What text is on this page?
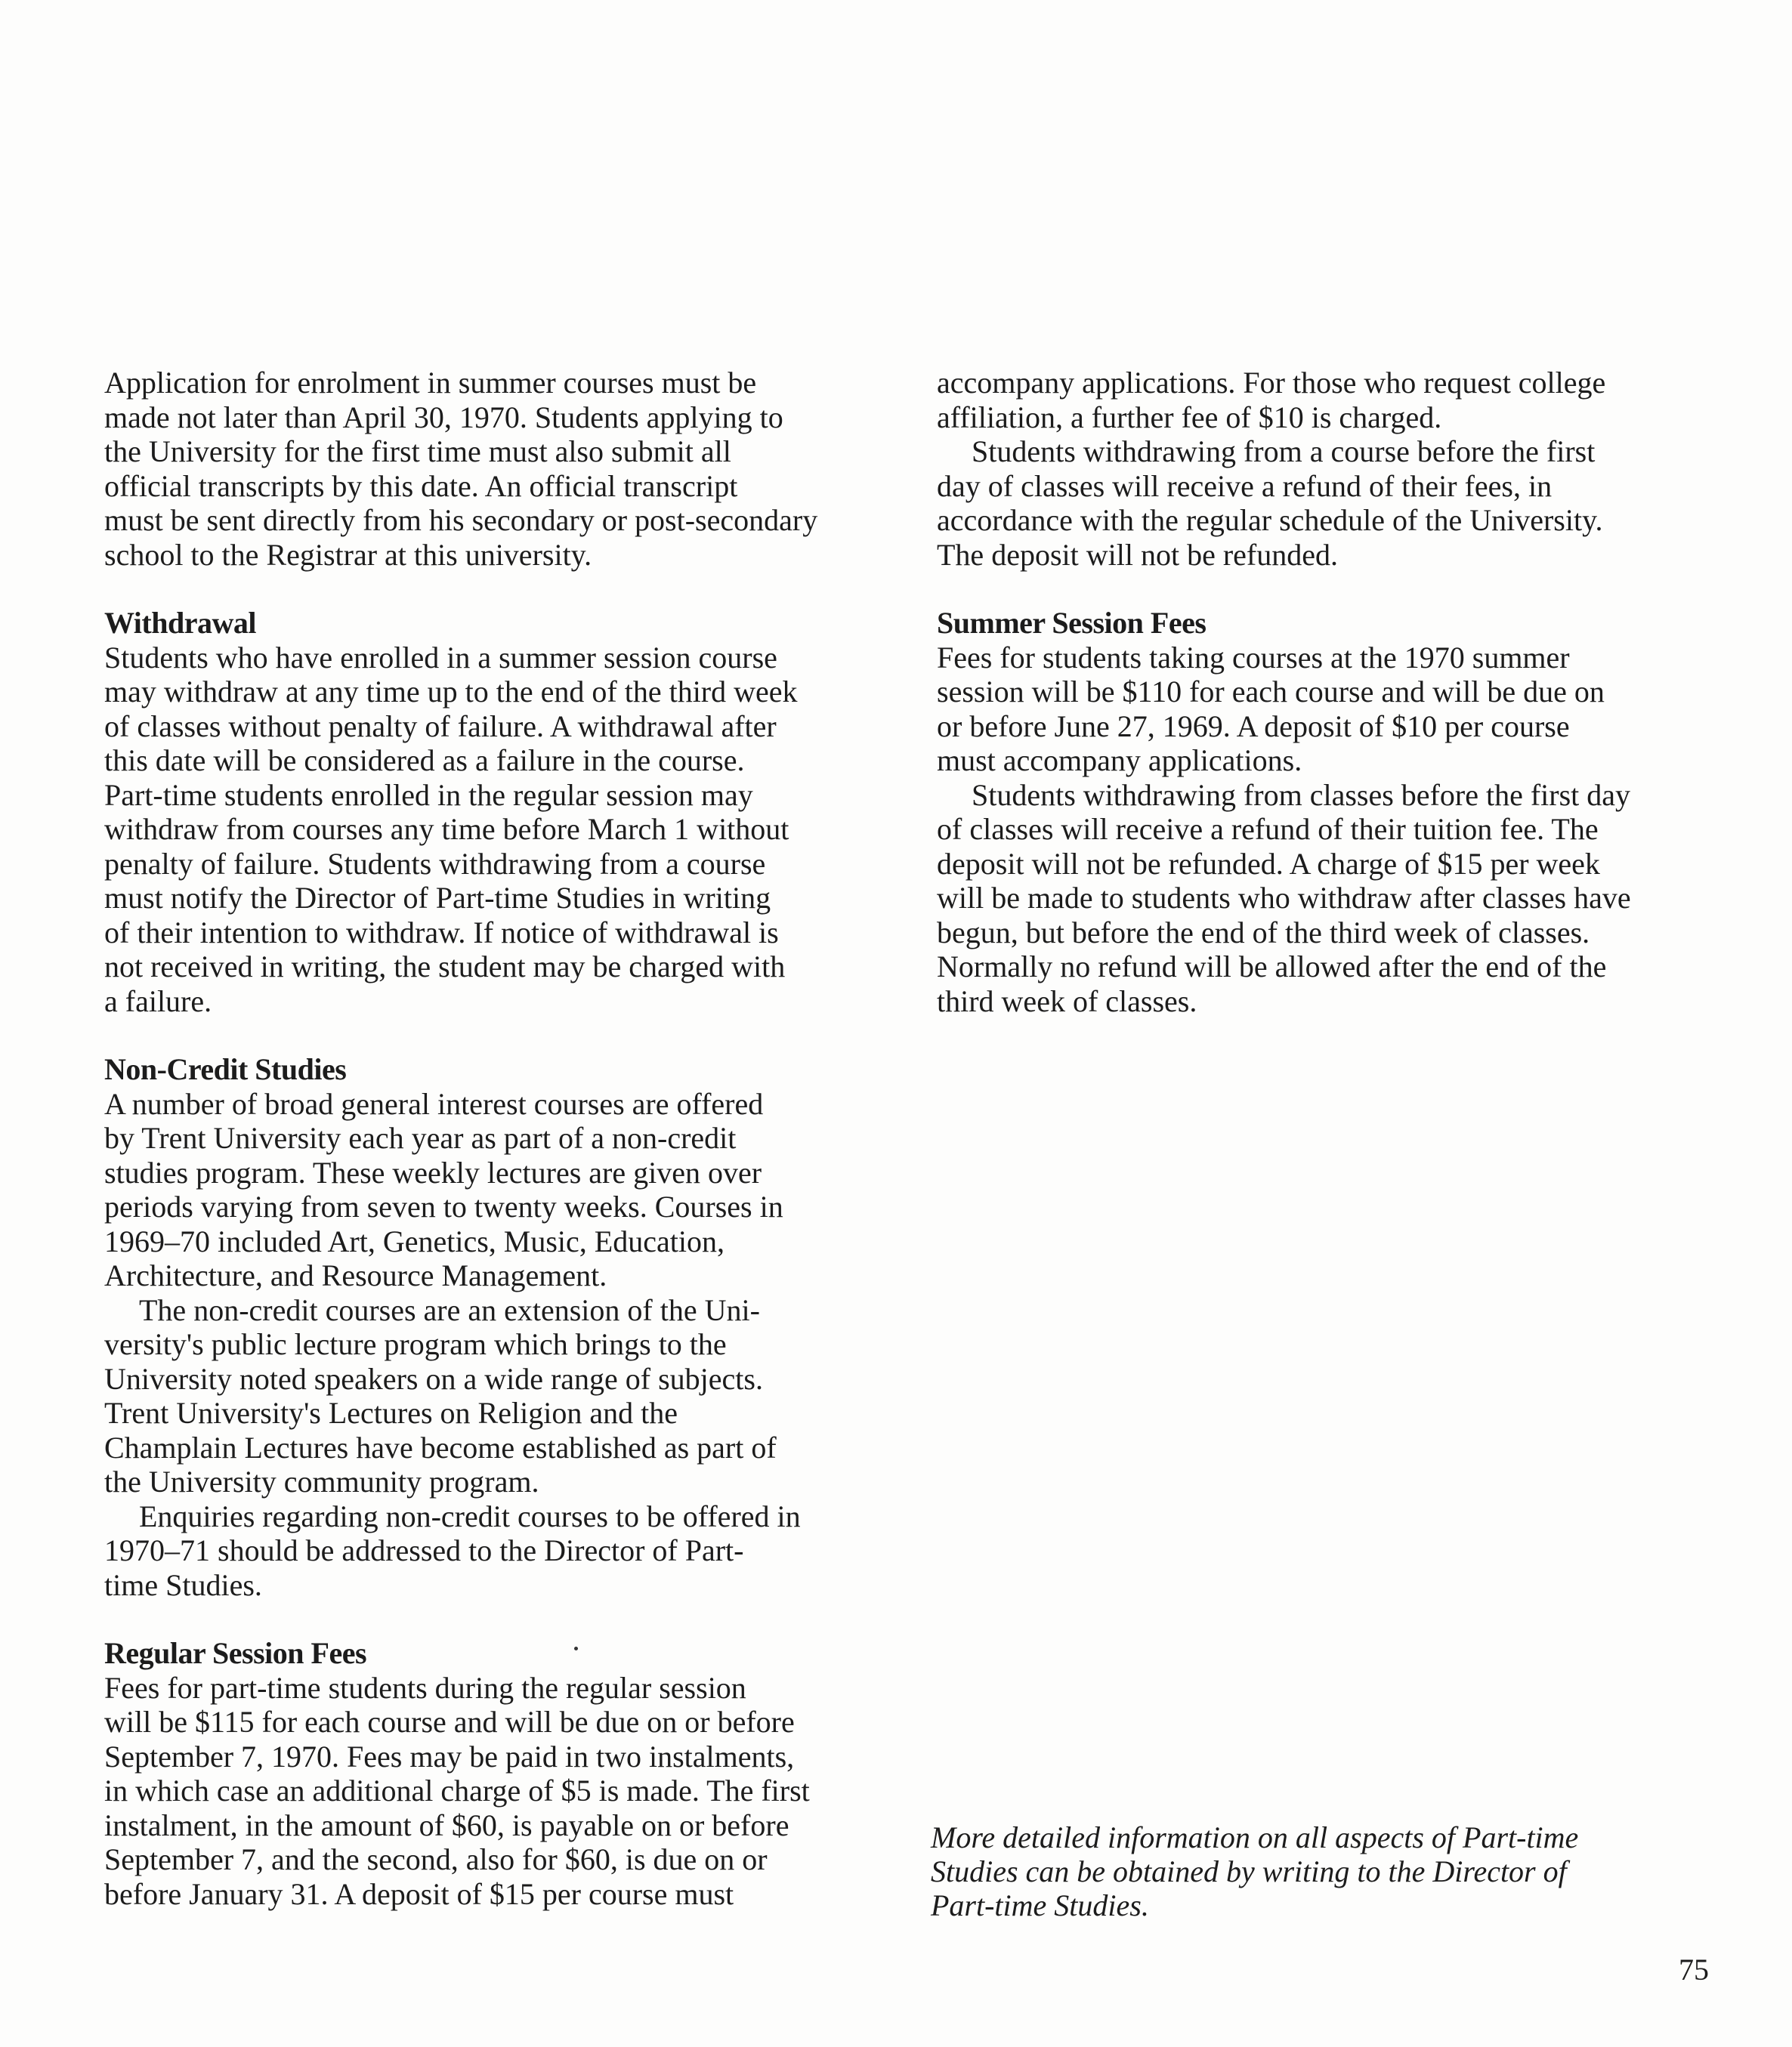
Application for enrolment in summer courses must be
made not later than April 30, 1970. Students applying to
the University for the first time must also submit all
official transcripts by this date. An official transcript
must be sent directly from his secondary or post-secondary
school to the Registrar at this university.
Withdrawal
Students who have enrolled in a summer session course
may withdraw at any time up to the end of the third week
of classes without penalty of failure. A withdrawal after
this date will be considered as a failure in the course.
Part-time students enrolled in the regular session may
withdraw from courses any time before March 1 without
penalty of failure. Students withdrawing from a course
must notify the Director of Part-time Studies in writing
of their intention to withdraw. If notice of withdrawal is
not received in writing, the student may be charged with
a failure.
Non-Credit Studies
A number of broad general interest courses are offered
by Trent University each year as part of a non-credit
studies program. These weekly lectures are given over
periods varying from seven to twenty weeks. Courses in
1969–70 included Art, Genetics, Music, Education,
Architecture, and Resource Management.
The non-credit courses are an extension of the Uni-
versity's public lecture program which brings to the
University noted speakers on a wide range of subjects.
Trent University's Lectures on Religion and the
Champlain Lectures have become established as part of
the University community program.
Enquiries regarding non-credit courses to be offered in
1970–71 should be addressed to the Director of Part-
time Studies.
Regular Session Fees
Fees for part-time students during the regular session
will be $115 for each course and will be due on or before
September 7, 1970. Fees may be paid in two instalments,
in which case an additional charge of $5 is made. The first
instalment, in the amount of $60, is payable on or before
September 7, and the second, also for $60, is due on or
before January 31. A deposit of $15 per course must
accompany applications. For those who request college
affiliation, a further fee of $10 is charged.
Students withdrawing from a course before the first
day of classes will receive a refund of their fees, in
accordance with the regular schedule of the University.
The deposit will not be refunded.
Summer Session Fees
Fees for students taking courses at the 1970 summer
session will be $110 for each course and will be due on
or before June 27, 1969. A deposit of $10 per course
must accompany applications.
Students withdrawing from classes before the first day
of classes will receive a refund of their tuition fee. The
deposit will not be refunded. A charge of $15 per week
will be made to students who withdraw after classes have
begun, but before the end of the third week of classes.
Normally no refund will be allowed after the end of the
third week of classes.
More detailed information on all aspects of Part-time
Studies can be obtained by writing to the Director of
Part-time Studies.
75
